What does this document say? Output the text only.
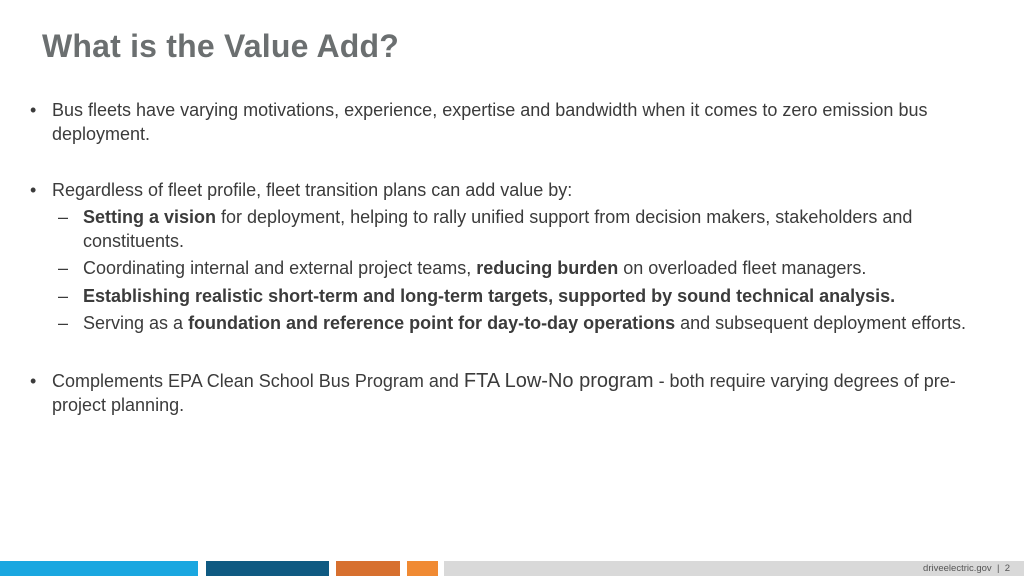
What is the Value Add?
• Bus fleets have varying motivations, experience, expertise and bandwidth when it comes to zero emission bus deployment.
• Regardless of fleet profile, fleet transition plans can add value by:
– Setting a vision for deployment, helping to rally unified support from decision makers, stakeholders and constituents.
– Coordinating internal and external project teams, reducing burden on overloaded fleet managers.
– Establishing realistic short-term and long-term targets, supported by sound technical analysis.
– Serving as a foundation and reference point for day-to-day operations and subsequent deployment efforts.
• Complements EPA Clean School Bus Program and FTA Low-No program - both require varying degrees of pre-project planning.
driveelectric.gov  |  2
